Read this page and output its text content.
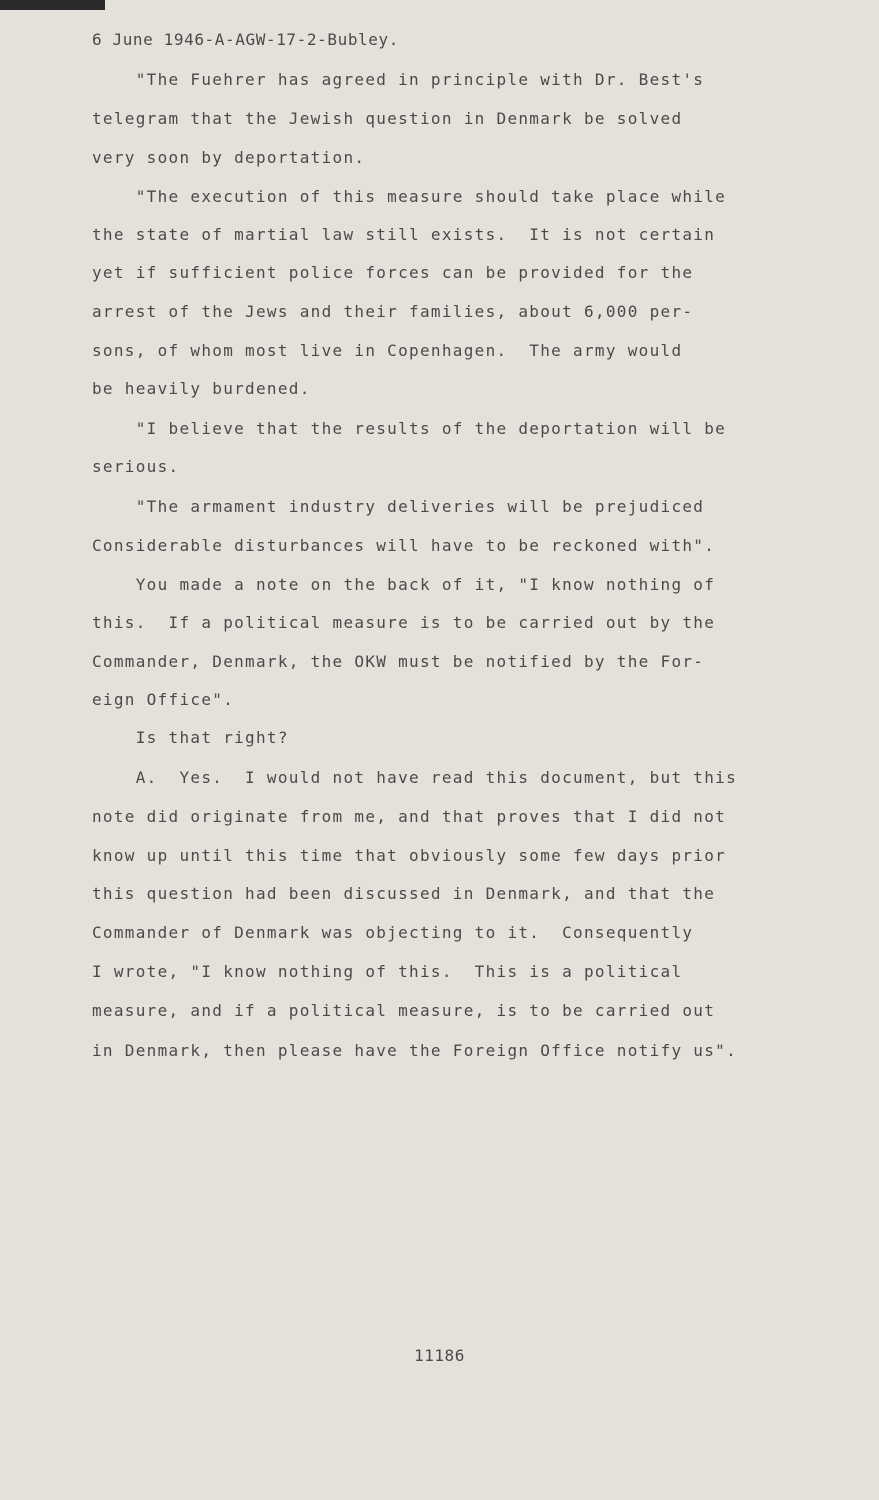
6 June 1946-A-AGW-17-2-Bubley.
"The Fuehrer has agreed in principle with Dr. Best's
telegram that the Jewish question in Denmark be solved
very soon by deportation.
"The execution of this measure should take place while
the state of martial law still exists.  It is not certain
yet if sufficient police forces can be provided for the
arrest of the Jews and their families, about 6,000 per-
sons, of whom most live in Copenhagen.  The army would
be heavily burdened.
"I believe that the results of the deportation will be
serious.
"The armament industry deliveries will be prejudiced
Considerable disturbances will have to be reckoned with".
You made a note on the back of it, "I know nothing of
this.  If a political measure is to be carried out by the
Commander, Denmark, the OKW must be notified by the For-
eign Office".
Is that right?
A.  Yes.  I would not have read this document, but this
note did originate from me, and that proves that I did not
know up until this time that obviously some few days prior
this question had been discussed in Denmark, and that the
Commander of Denmark was objecting to it.  Consequently
I wrote, "I know nothing of this.  This is a political
measure, and if a political measure, is to be carried out
in Denmark, then please have the Foreign Office notify us".
11186
